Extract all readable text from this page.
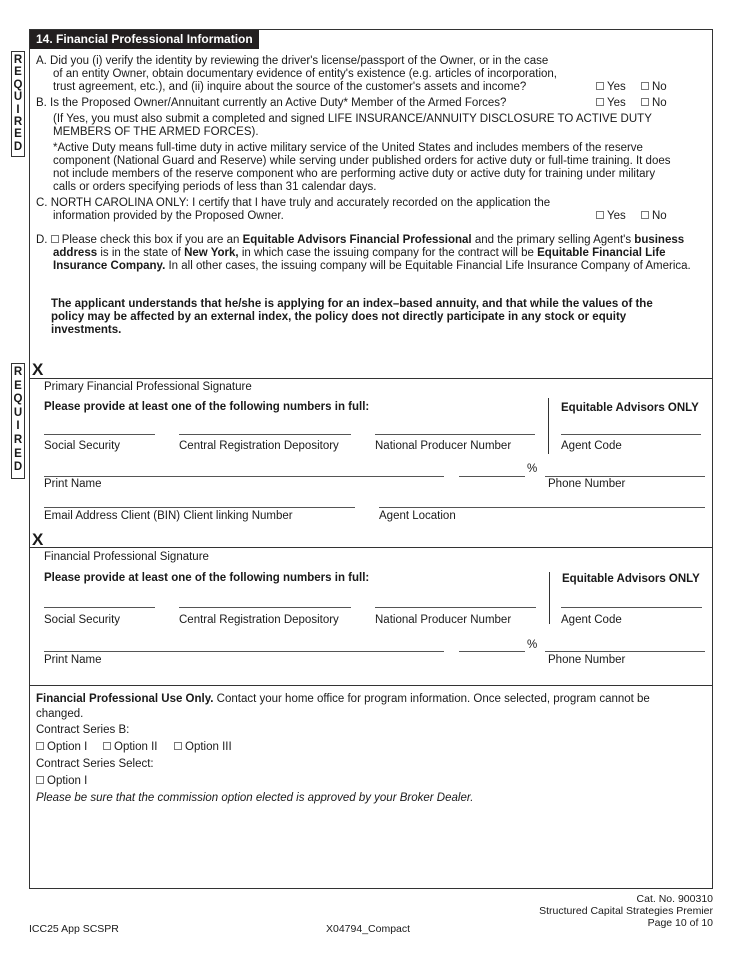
14. Financial Professional Information
R
E
Q
U
I
R
E
D
R
E
Q
U
I
R
E
D
A. Did you (i) verify the identity by reviewing the driver's license/passport of the Owner, or in the case
of an entity Owner, obtain documentary evidence of entity's existence (e.g. articles of incorporation,
trust agreement, etc.), and (ii) inquire about the source of the customer's assets and income?	Yes	No
B. Is the Proposed Owner/Annuitant currently an Active Duty* Member of the Armed Forces?	Yes	No
(If Yes, you must also submit a completed and signed LIFE INSURANCE/ANNUITY DISCLOSURE TO ACTIVE DUTY
MEMBERS OF THE ARMED FORCES).
*Active Duty means full-time duty in active military service of the United States and includes members of the reserve
component (National Guard and Reserve) while serving under published orders for active duty or full-time training. It does
not include members of the reserve component who are performing active duty or active duty for training under military
calls or orders specifying periods of less than 31 calendar days.
C. NORTH CAROLINA ONLY: I certify that I have truly and accurately recorded on the application the
information provided by the Proposed Owner.	Yes	No
D. Please check this box if you are an Equitable Advisors Financial Professional and the primary selling Agent's business address is in the state of New York, in which case the issuing company for the contract will be Equitable Financial Life Insurance Company. In all other cases, the issuing company will be Equitable Financial Life Insurance Company of America.
The applicant understands that he/she is applying for an index–based annuity, and that while the values of the policy may be affected by an external index, the policy does not directly participate in any stock or equity investments.
X
Primary Financial Professional Signature
Please provide at least one of the following numbers in full:	Equitable Advisors ONLY
Social Security	Central Registration Depository	National Producer Number	Agent Code
%
Print Name	Phone Number
Email Address Client (BIN) Client linking Number	Agent Location
X
Financial Professional Signature
Please provide at least one of the following numbers in full:	Equitable Advisors ONLY
Social Security	Central Registration Depository	National Producer Number	Agent Code
%
Print Name	Phone Number
Financial Professional Use Only. Contact your home office for program information. Once selected, program cannot be changed.
Contract Series B:
Option I	Option II	Option III
Contract Series Select:
Option I
Please be sure that the commission option elected is approved by your Broker Dealer.
ICC25 App SCSPR	X04794_Compact
Cat. No. 900310
Structured Capital Strategies Premier
Page 10 of 10
